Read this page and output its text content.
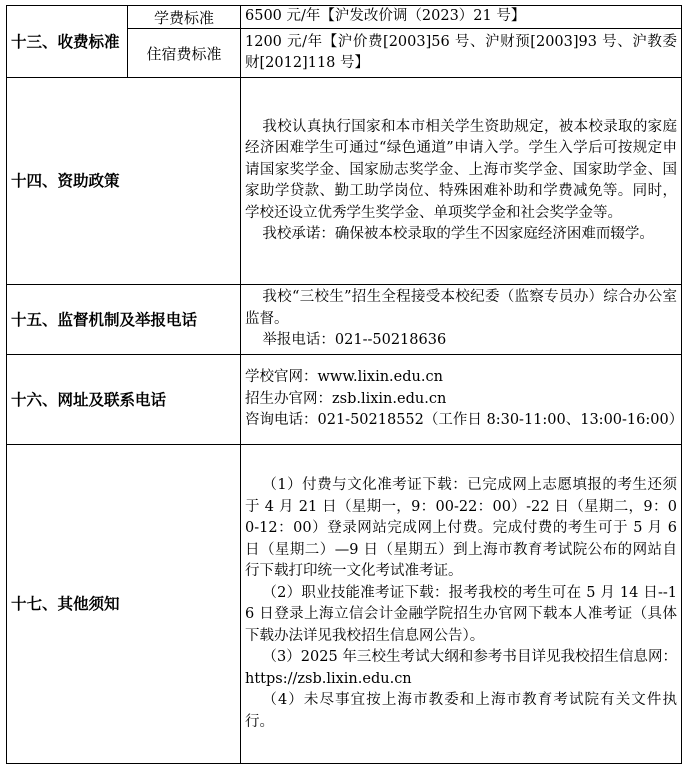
十三、收费标准	学费标准	6500 元/年【沪发改价调（2023）21 号】
	住宿费标准	1200 元/年【沪价费[2003]56 号、沪财预[2003]93 号、沪教委财[2012]118 号】
十四、资助政策		我校认真执行国家和本市相关学生资助规定，被本校录取的家庭经济困难学生可通过“绿色通道”申请入学。学生入学后可按规定申请国家奖学金、国家励志奖学金、上海市奖学金、国家助学金、国家助学贷款、勤工助学岗位、特殊困难补助和学费减免等。同时，学校还设立优秀学生奖学金、单项奖学金和社会奖学金等。
我校承诺：确保被本校录取的学生不因家庭经济困难而辍学。

十五、监督机制及举报电话		我校“三校生”招生全程接受本校纪委（监察专员办）综合办公室监督。
举报电话：021--50218636

十六、网址及联系电话		学校官网：www.lixin.edu.cn
招生办官网：zsb.lixin.edu.cn
咨询电话：021-50218552（工作日 8:30-11:00、13:00-16:00）

十七、其他须知		（1）付费与文化准考证下载：已完成网上志愿填报的考生还须于 4 月 21 日（星期一，9：00-22：00）-22 日（星期二，9：00-12：00）登录网站完成网上付费。完成付费的考生可于 5 月 6 日（星期二）—9 日（星期五）到上海市教育考试院公布的网站自行下载打印统一文化考试准考证。
（2）职业技能准考证下载：报考我校的考生可在 5 月 14 日--16 日登录上海立信会计金融学院招生办官网下载本人准考证（具体下载办法详见我校招生信息网公告）。
（3）2025 年三校生考试大纲和参考书目详见我校招生信息网：https://zsb.lixin.edu.cn
（4）未尽事宜按上海市教委和上海市教育考试院有关文件执行。
